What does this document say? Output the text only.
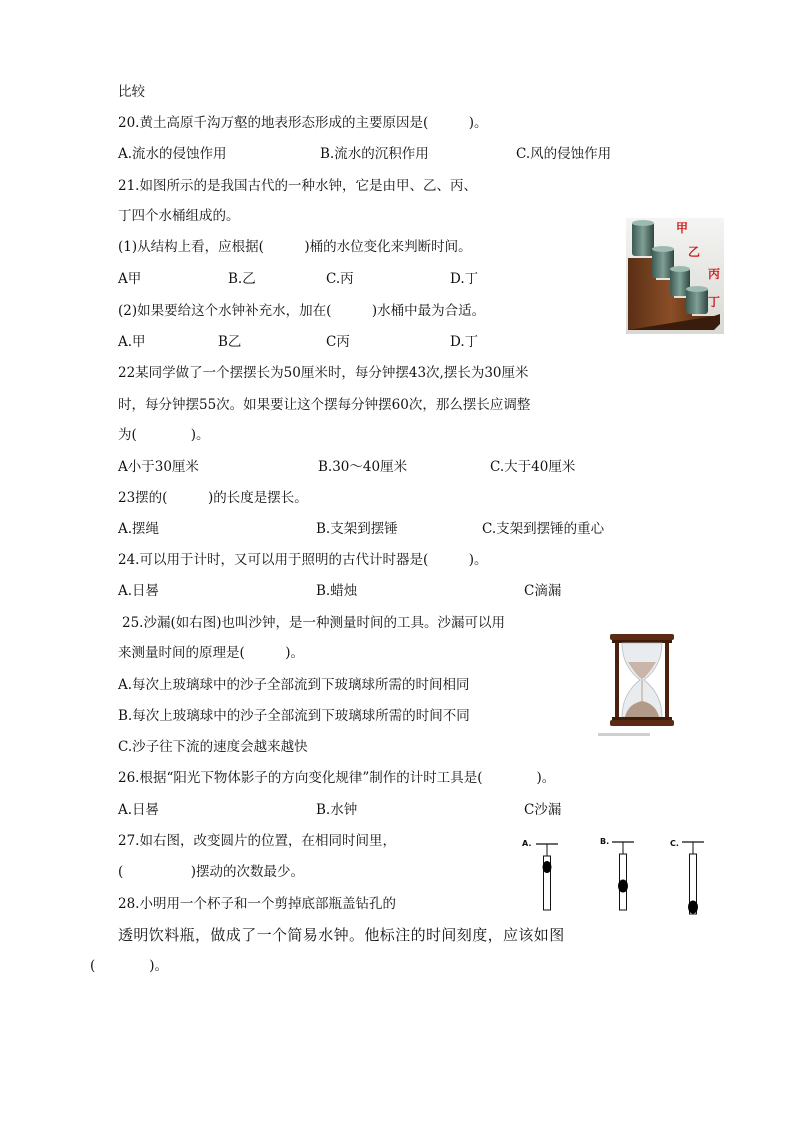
比较
20.黄土高原千沟万壑的地表形态形成的主要原因是(　　　)。
A.流水的侵蚀作用	B.流水的沉积作用	C.风的侵蚀作用
21.如图所示的是我国古代的一种水钟，它是由甲、乙、丙、
丁四个水桶组成的。
(1)从结构上看，应根据(　　　)桶的水位变化来判断时间。
A甲	B.乙	C.丙	D.丁
(2)如果要给这个水钟补充水，加在(　　　)水桶中最为合适。
A.甲	B乙	C丙	D.丁
甲
乙
丙
丁
22某同学做了一个摆摆长为50厘米时，每分钟摆43次,摆长为30厘米
时，每分钟摆55次。如果要让这个摆每分钟摆60次，那么摆长应调整
为(　　　　)。
A小于30厘米	B.30～40厘米	C.大于40厘米
23摆的(　　　)的长度是摆长。
A.摆绳	B.支架到摆锤	C.支架到摆锤的重心
24.可以用于计时，又可以用于照明的古代计时器是(　　　)。
A.日晷	B.蜡烛	C滴漏
25.沙漏(如右图)也叫沙钟，是一种测量时间的工具。沙漏可以用
来测量时间的原理是(　　　)。
A.每次上玻璃球中的沙子全部流到下玻璃球所需的时间相同
B.每次上玻璃球中的沙子全部流到下玻璃球所需的时间不同
C.沙子往下流的速度会越来越快
26.根据“阳光下物体影子的方向变化规律”制作的计时工具是(　　　　)。
A.日晷	B.水钟	C沙漏
27.如右图，改变圆片的位置，在相同时间里，
(　　　　　)摆动的次数最少。
A.	B.	C.
28.小明用一个杯子和一个剪掉底部瓶盖钻孔的
透明饮料瓶，做成了一个简易水钟。他标注的时间刻度，应该如图
(　　　　)。
